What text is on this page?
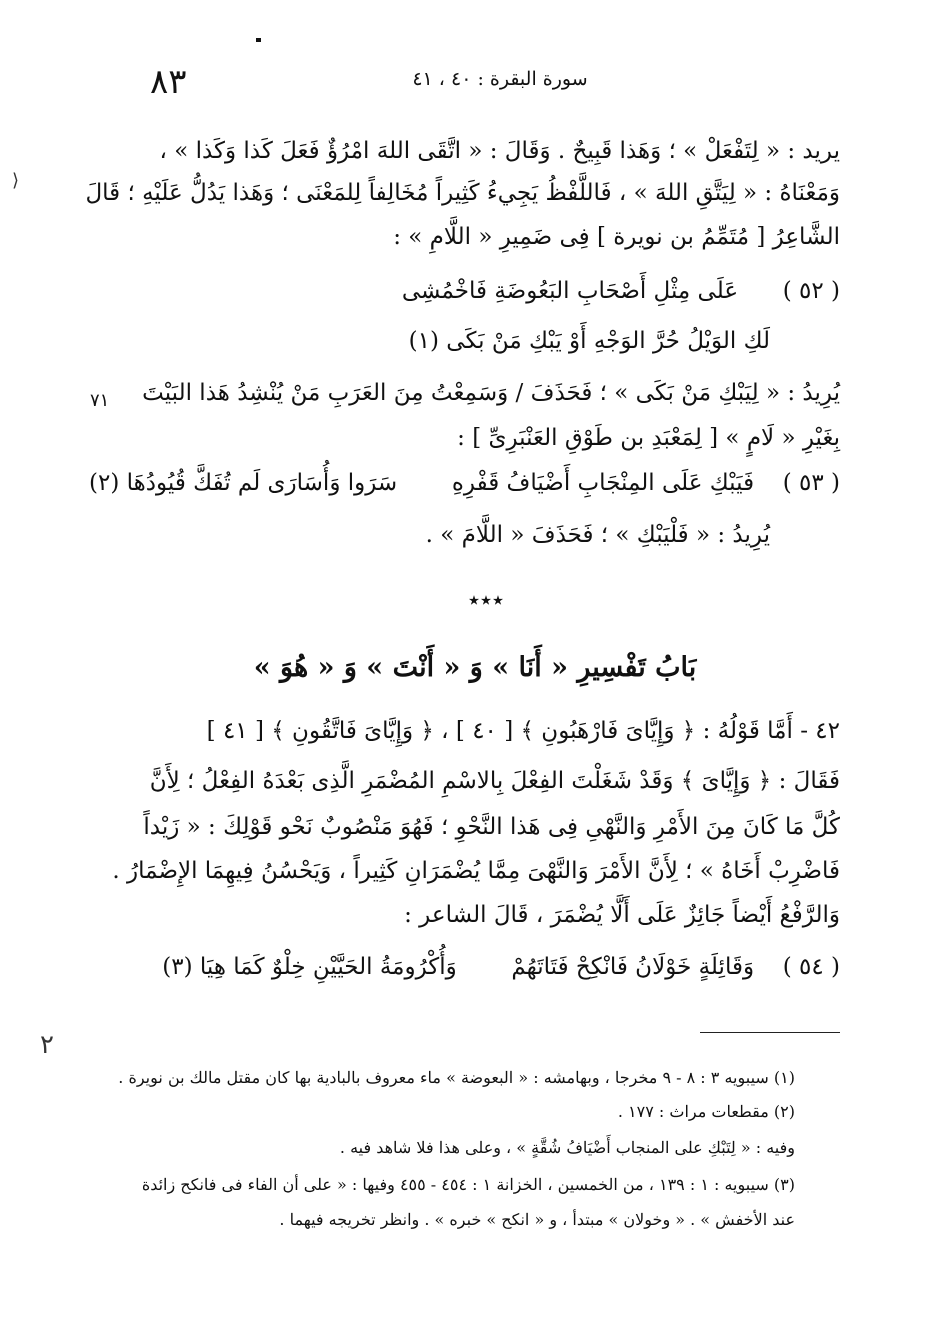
٨٣	سورة البقرة : ٤٠ ، ٤١
يريد : « لِتَفْعَلْ » ؛ وَهَذا قَبِيحٌ . وَقَالَ : « اتَّقَى اللهَ امْرُؤٌ فَعَلَ كَذا وَكَذا » ،
وَمَعْنَاهُ : « لِيَتَّقِ اللهَ » ، فَاللَّفْظُ يَجِيءُ كَثِيراً مُخَالِفاً لِلمَعْنَى ؛ وَهَذا يَدُلُّ عَلَيْهِ ؛ قَالَ
الشَّاعِرُ [ مُتَمِّمُ بن نويرة ] فِى ضَمِيرِ « اللَّامِ » :
( ٥٢ )  عَلَى مِثْلِ أَصْحَابِ البَعُوضَةِ فَاخْمُشِى
لَكِ الوَيْلُ حُرَّ الوَجْهِ أَوْ يَبْكِ مَنْ بَكَى (١)
٧١	يُرِيدُ : « لِيَبْكِ مَنْ بَكَى » ؛ فَحَذَفَ / وَسَمِعْتُ مِنَ العَرَبِ مَنْ يُنْشِدُ هَذا البَيْتَ
بِغَيْرِ « لَامٍ » [ لِمَعْبَدِ بن طَوْقِ العَنْبَرِىِّ ] :
( ٥٣ )  فَيَبْكِ عَلَى المِنْجَابِ أَضْيَافُ قَفْرِهِ  سَرَوا وَأُسَارَى لَم تُفَكَّ قُيُودُهَا (٢)
يُرِيدُ : « فَلْيَبْكِ » ؛ فَحَذَفَ « اللَّامَ » .
٭٭٭
بَابُ تَفْسِيرِ « أَنَا » وَ « أَنْتَ » وَ « هُوَ »
٤٢ - أَمَّا قَوْلُهُ : ﴿ وَإِيَّاىَ فَارْهَبُونِ ﴾ [ ٤٠ ] ، ﴿ وَإِيَّاىَ فَاتَّقُونِ ﴾ [ ٤١ ]
فَقَالَ : ﴿ وَإِيَّاىَ ﴾ وَقَدْ شَغَلْتَ الفِعْلَ بِالاسْمِ المُضْمَرِ الَّذِى بَعْدَهُ الفِعْلُ ؛ لِأَنَّ
كُلَّ مَا كَانَ مِنَ الأَمْرِ وَالنَّهْىِ فِى هَذا النَّحْوِ ؛ فَهُوَ مَنْصُوبٌ نَحْو قَوْلِكَ : « زَيْداً
فَاضْرِبْ أَخَاهُ » ؛ لِأَنَّ الأَمْرَ وَالنَّهْىَ مِمَّا يُضْمَرَانِ كَثِيراً ، وَيَحْسُنُ فِيهِمَا الإِضْمَارُ .
وَالرَّفْعُ أَيْضاً جَائِزٌ عَلَى أَلَّا يُضْمَرَ ، قَالَ الشاعر :
( ٥٤ )  وَقَائِلَةٍ خَوْلَانُ فَانْكِحْ فَتَاتَهُمْ  وَأُكْرُومَةُ الحَيَّيْنِ خِلْوٌ كَمَا هِيَا (٣)
(١) سيبويه ٣ : ٨ - ٩ مخرجا ، وبهامشه : « البعوضة » ماء معروف بالبادية بها كان مقتل مالك بن نويرة .
(٢) مقطعات مراث : ١٧٧ .
وفيه : « لِتَبْكِ على المنجاب أَضْيَافُ شُقَّةٍ » ، وعلى هذا فلا شاهد فيه .
(٣) سيبويه : ١ : ١٣٩ ، من الخمسين ، الخزانة ١ : ٤٥٤ - ٤٥٥ وفيها : « على أن الفاء فى فانكح زائدة
عند الأخفش » . « وخولان » مبتدأ ، و « انكح » خبره » . وانظر تخريجه فيهما .
⟩
٢
